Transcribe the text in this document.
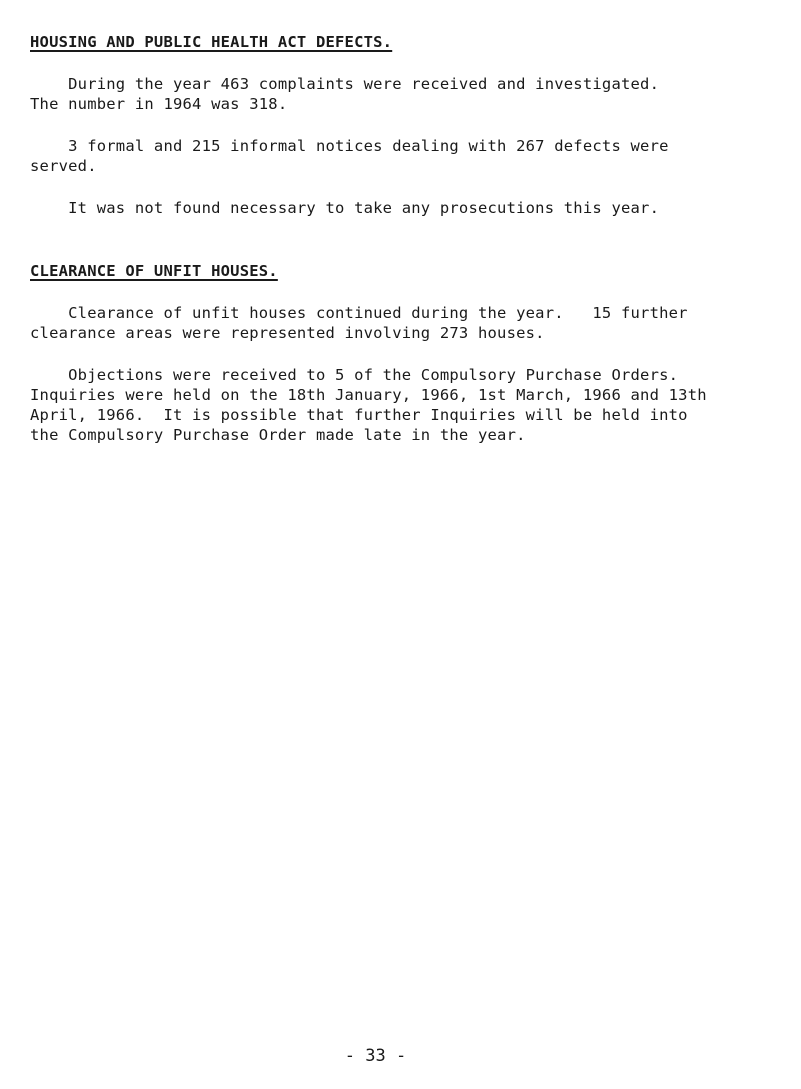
HOUSING AND PUBLIC HEALTH ACT DEFECTS.

During the year 463 complaints were received and investigated.
The number in 1964 was 318.

3 formal and 215 informal notices dealing with 267 defects were
served.

It was not found necessary to take any prosecutions this year.

CLEARANCE OF UNFIT HOUSES.

Clearance of unfit houses continued during the year.   15 further
clearance areas were represented involving 273 houses.

Objections were received to 5 of the Compulsory Purchase Orders.
Inquiries were held on the 18th January, 1966, 1st March, 1966 and 13th
April, 1966.  It is possible that further Inquiries will be held into
the Compulsory Purchase Order made late in the year.

- 33 -
